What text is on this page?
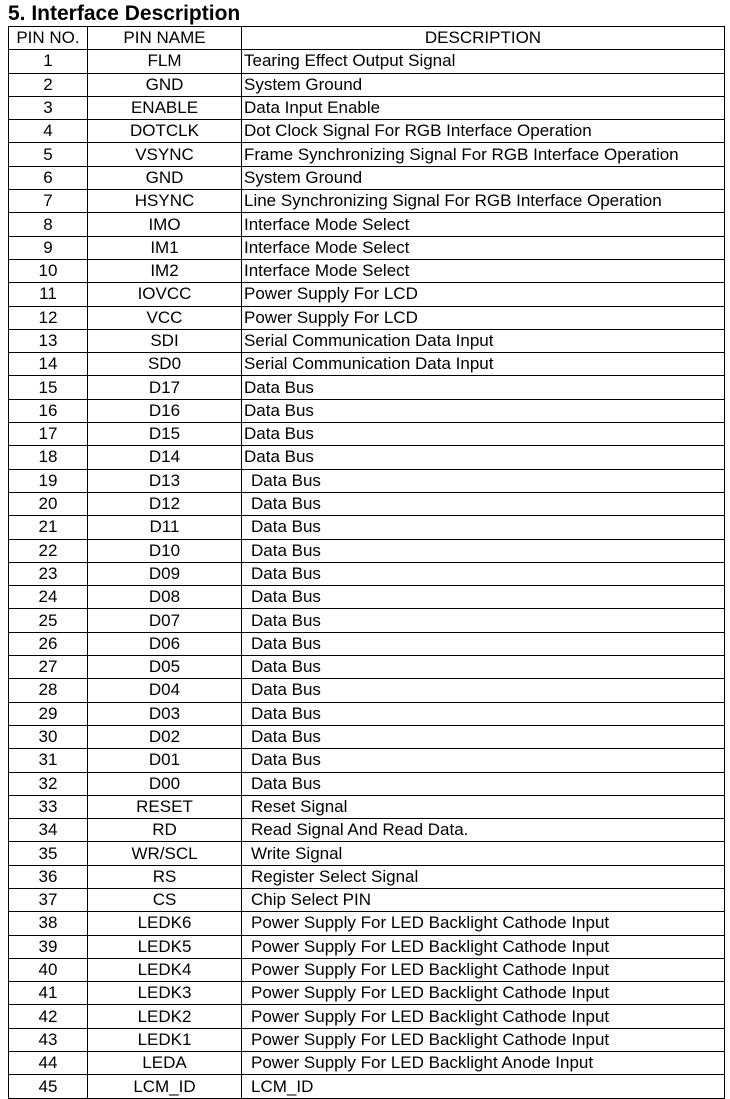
5. Interface Description
PIN NO.	PIN NAME	DESCRIPTION
1	FLM	Tearing Effect Output Signal
2	GND	System Ground
3	ENABLE	Data Input Enable
4	DOTCLK	Dot Clock Signal For RGB Interface Operation
5	VSYNC	Frame Synchronizing Signal For RGB Interface Operation
6	GND	System Ground
7	HSYNC	Line Synchronizing Signal For RGB Interface Operation
8	IMO	Interface Mode Select
9	IM1	Interface Mode Select
10	IM2	Interface Mode Select
11	IOVCC	Power Supply For LCD
12	VCC	Power Supply For LCD
13	SDI	Serial Communication Data Input
14	SD0	Serial Communication Data Input
15	D17	Data Bus
16	D16	Data Bus
17	D15	Data Bus
18	D14	Data Bus
19	D13	Data Bus
20	D12	Data Bus
21	D11	Data Bus
22	D10	Data Bus
23	D09	Data Bus
24	D08	Data Bus
25	D07	Data Bus
26	D06	Data Bus
27	D05	Data Bus
28	D04	Data Bus
29	D03	Data Bus
30	D02	Data Bus
31	D01	Data Bus
32	D00	Data Bus
33	RESET	Reset Signal
34	RD	Read Signal And Read Data.
35	WR/SCL	Write Signal
36	RS	Register Select Signal
37	CS	Chip Select PIN
38	LEDK6	Power Supply For LED Backlight Cathode Input
39	LEDK5	Power Supply For LED Backlight Cathode Input
40	LEDK4	Power Supply For LED Backlight Cathode Input
41	LEDK3	Power Supply For LED Backlight Cathode Input
42	LEDK2	Power Supply For LED Backlight Cathode Input
43	LEDK1	Power Supply For LED Backlight Cathode Input
44	LEDA	Power Supply For LED Backlight Anode Input
45	LCM_ID	LCM_ID
